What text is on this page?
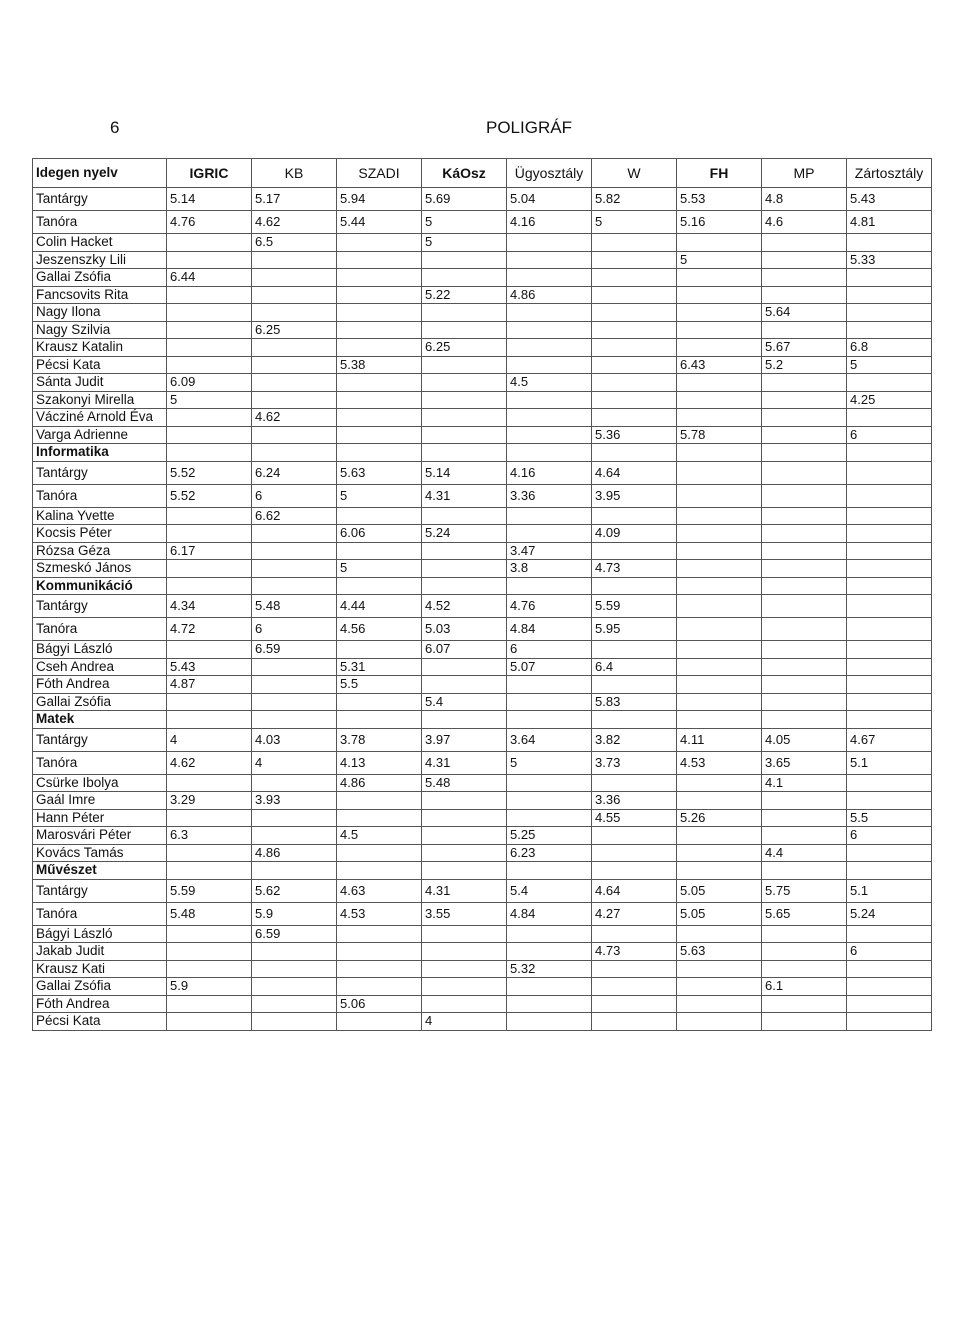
6	POLIGRÁF
Idegen nyelv	IGRIC	KB	SZADI	KáOsz	Ügyosztály	W	FH	MP	Zártosztály
Tantárgy	5.14	5.17	5.94	5.69	5.04	5.82	5.53	4.8	5.43
Tanóra	4.76	4.62	5.44	5	4.16	5	5.16	4.6	4.81
Colin Hacket		6.5		5					
Jeszenszky Lili							5		5.33
Gallai Zsófia	6.44								
Fancsovits Rita				5.22	4.86				
Nagy Ilona								5.64	
Nagy Szilvia		6.25							
Krausz Katalin				6.25				5.67	6.8
Pécsi Kata			5.38				6.43	5.2	5
Sánta Judit	6.09				4.5				
Szakonyi Mirella	5								4.25
Váczіné Arnold Éva		4.62							
Varga Adrienne						5.36	5.78		6
Informatika									
Tantárgy	5.52	6.24	5.63	5.14	4.16	4.64			
Tanóra	5.52	6	5	4.31	3.36	3.95			
Kalina Yvette		6.62							
Kocsis Péter			6.06	5.24		4.09			
Rózsa Géza	6.17				3.47				
Szmeskó János			5		3.8	4.73			
Kommunikáció									
Tantárgy	4.34	5.48	4.44	4.52	4.76	5.59			
Tanóra	4.72	6	4.56	5.03	4.84	5.95			
Bágyi László		6.59		6.07	6				
Cseh Andrea	5.43		5.31		5.07	6.4			
Fóth Andrea	4.87		5.5						
Gallai Zsófia				5.4		5.83			
Matek									
Tantárgy	4	4.03	3.78	3.97	3.64	3.82	4.11	4.05	4.67
Tanóra	4.62	4	4.13	4.31	5	3.73	4.53	3.65	5.1
Csürke Ibolya			4.86	5.48				4.1	
Gaál Imre	3.29	3.93				3.36			
Hann Péter						4.55	5.26		5.5
Marosvári Péter	6.3		4.5		5.25				6
Kovács Tamás		4.86			6.23			4.4	
Művészet									
Tantárgy	5.59	5.62	4.63	4.31	5.4	4.64	5.05	5.75	5.1
Tanóra	5.48	5.9	4.53	3.55	4.84	4.27	5.05	5.65	5.24
Bágyi László		6.59							
Jakab Judit						4.73	5.63		6
Krausz Kati					5.32				
Gallai Zsófia	5.9							6.1	
Fóth Andrea			5.06						
Pécsi Kata				4					
